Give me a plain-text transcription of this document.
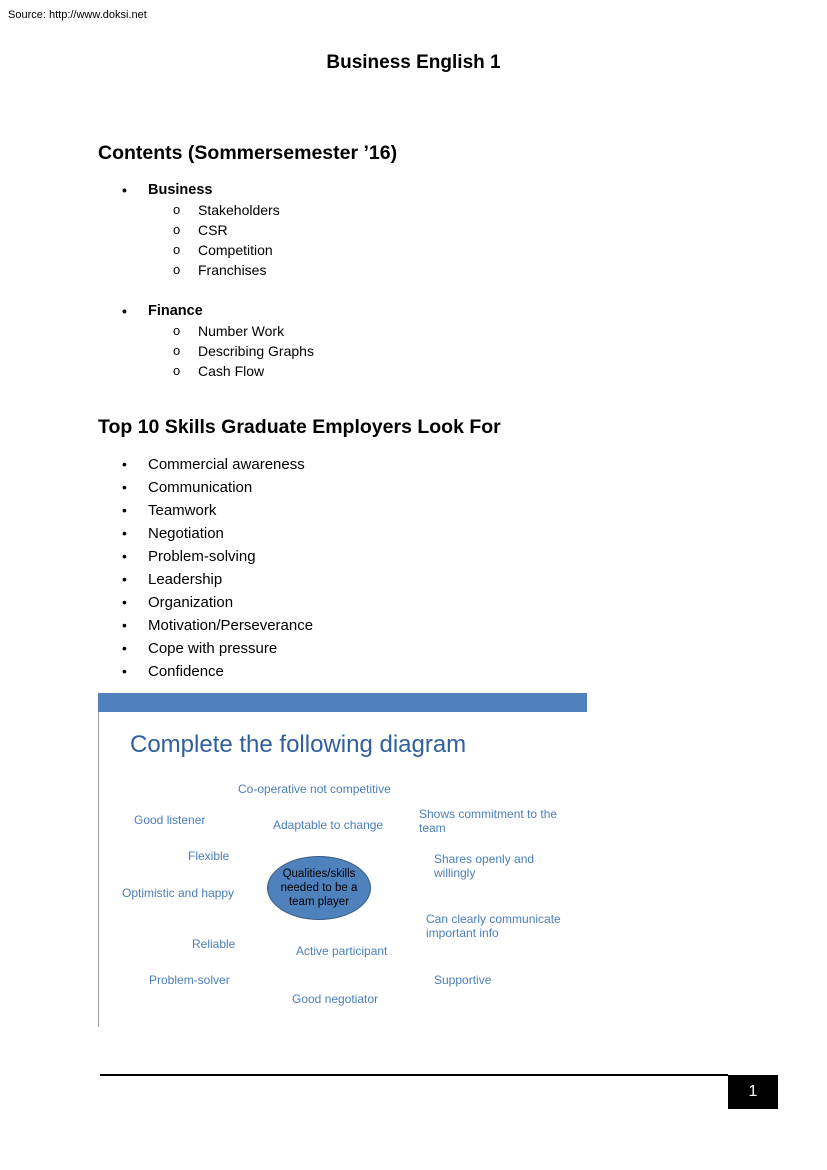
Source: http://www.doksi.net
Business English 1
Contents (Sommersemester ’16)
• Business
o Stakeholders
o CSR
o Competition
o Franchises
• Finance
o Number Work
o Describing Graphs
o Cash Flow
Top 10 Skills Graduate Employers Look For
• Commercial awareness
• Communication
• Teamwork
• Negotiation
• Problem-solving
• Leadership
• Organization
• Motivation/Perseverance
• Cope with pressure
• Confidence
Complete the following diagram
Co-operative not competitive
Good listener	Adaptable to change
Shows commitment to the team
Flexible	Shares openly and willingly
Optimistic and happy
Can clearly communicate important info
Reliable	Active participant
Problem-solver	Supportive
Good negotiator
Qualities/skills needed to be a team player
1
